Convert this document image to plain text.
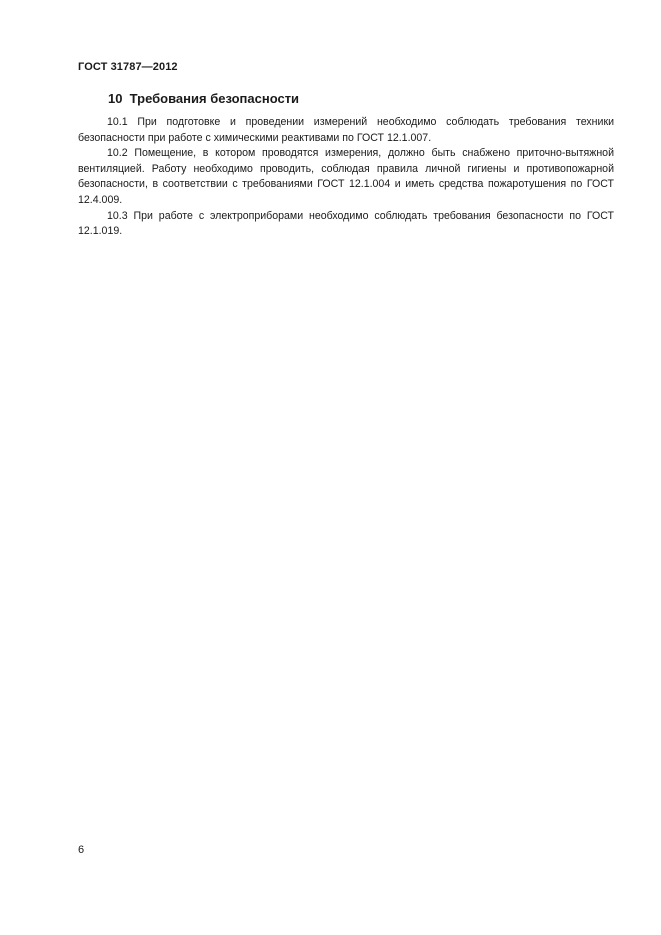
ГОСТ 31787—2012
10  Требования безопасности

10.1 При подготовке и проведении измерений необходимо соблюдать требования техники безопасности при работе с химическими реактивами по ГОСТ 12.1.007.

10.2 Помещение, в котором проводятся измерения, должно быть снабжено приточно-вытяжной вентиляцией. Работу необходимо проводить, соблюдая правила личной гигиены и противопожарной безопасности, в соответствии с требованиями ГОСТ 12.1.004 и иметь средства пожаротушения по ГОСТ 12.4.009.

10.3 При работе с электроприборами необходимо соблюдать требования безопасности по ГОСТ 12.1.019.

6
